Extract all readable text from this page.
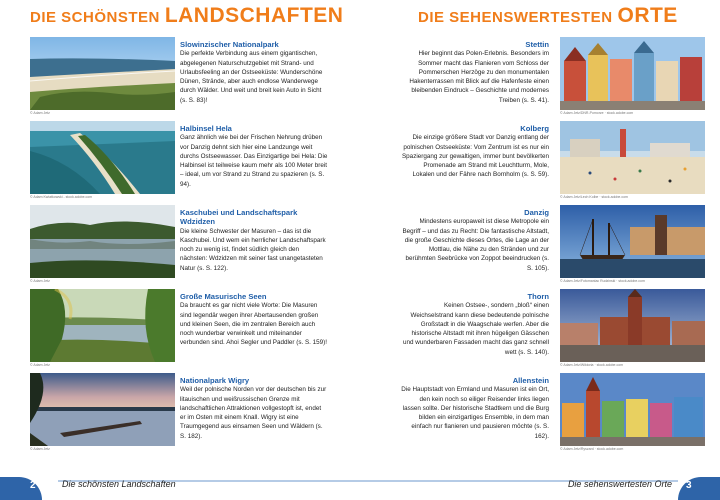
DIE SCHÖNSTEN LANDSCHAFTEN
© Adam Jetz
Slowinzischer Nationalpark
Die perfekte Verbindung aus einem gigantischen, abgelegenen Naturschutzgebiet mit Strand- und Urlaubsfeeling an der Ostseeküste: Wunderschöne Dünen, Strände, aber auch endlose Wanderwege durch Wälder. Und weit und breit kein Auto in Sicht (s. S. 83)!
© Adam Kwiatkowski - stock.adobe.com
Halbinsel Hela
Ganz ähnlich wie bei der Frischen Nehrung drüben vor Danzig dehnt sich hier eine Landzunge weit durchs Ostseewasser. Das Einzigartige bei Hela: Die Halbinsel ist teilweise kaum mehr als 100 Meter breit – ideal, um vor Strand zu Strand zu spazieren (s. S. 94).
© Adam Jetz
Kaschubei und Landschaftspark Wdzidzen
Die kleine Schwester der Masuren – das ist die Kaschubei. Und wem ein herrlicher Landschaftspark noch zu wenig ist, findet südlich gleich den nächsten: Wdzidzen mit seiner fast unangetasteten Natur (s. S. 122).
© Adam Jetz
Große Masurische Seen
Da braucht es gar nicht viele Worte: Die Masuren sind legendär wegen ihrer Abertausenden großen und kleinen Seen, die im zentralen Bereich auch noch wunderbar verwinkelt und miteinander verbunden sind. Ahoi Segler und Paddler (s. S. 159)!
© Adam Jetz
Nationalpark Wigry
Weil der polnische Norden vor der deutschen bis zur litauischen und weißrussischen Grenze mit landschaftlichen Attraktionen vollgestopft ist, endet er im Osten mit einem Knall. Wigry ist eine Traumgegend aus einsamen Seen und Wäldern (s. S. 182).
DIE SEHENSWERTESTEN ORTE
Stettin
Hier beginnt das Polen-Erlebnis. Besonders im Sommer macht das Flanieren vom Schloss der Pommerschen Herzöge zu den monumentalen Hakenterrassen mit Blick auf die Hafenfeste einen bleibenden Eindruck – Geschichte und modernes Treiben (s. S. 41).
© Adam Jetz/DNR-Pomorze · stock.adobe.com
Kolberg
Die einzige größere Stadt vor Danzig entlang der polnischen Ostseeküste: Vom Zentrum ist es nur ein Spaziergang zur gewaltigen, immer bunt bevölkerten Promenade am Strand mit Leuchtturm, Mole, Lokalen und der Fähre nach Bornholm (s. S. 59).
© Adam Jetz/Lech Kolbe · stock.adobe.com
Danzig
Mindestens europaweit ist diese Metropole ein Begriff – und das zu Recht: Die fantastische Altstadt, die große Geschichte dieses Ortes, die Lage an der Mottlau, die Nähe zu den Stränden und zur berühmten Seebrücke von Zoppot beeindrucken (s. S. 105).
© Adam Jetz/Fotomaniac Rudzinski · stock.adobe.com
Thorn
Keinen Ostsee-, sondern „bloß“ einen Weichselstrand kann diese bedeutende polnische Großstadt in die Waagschale werfen. Aber die historische Altstadt mit ihren hügeligen Gässchen und wunderbaren Fassaden macht das ganz schnell wett (s. S. 140).
© Adam Jetz/Wiktoria · stock.adobe.com
Allenstein
Die Hauptstadt von Ermland und Masuren ist ein Ort, den kein noch so eiliger Reisender links liegen lassen sollte. Der historische Stadtkern und die Burg bilden ein einzigartiges Ensemble, in dem man einfach nur flanieren und pausieren möchte (s. S. 162).
© Adam Jetz/Ryszard · stock.adobe.com
2	Die schönsten Landschaften	Die sehenswertesten Orte	3
